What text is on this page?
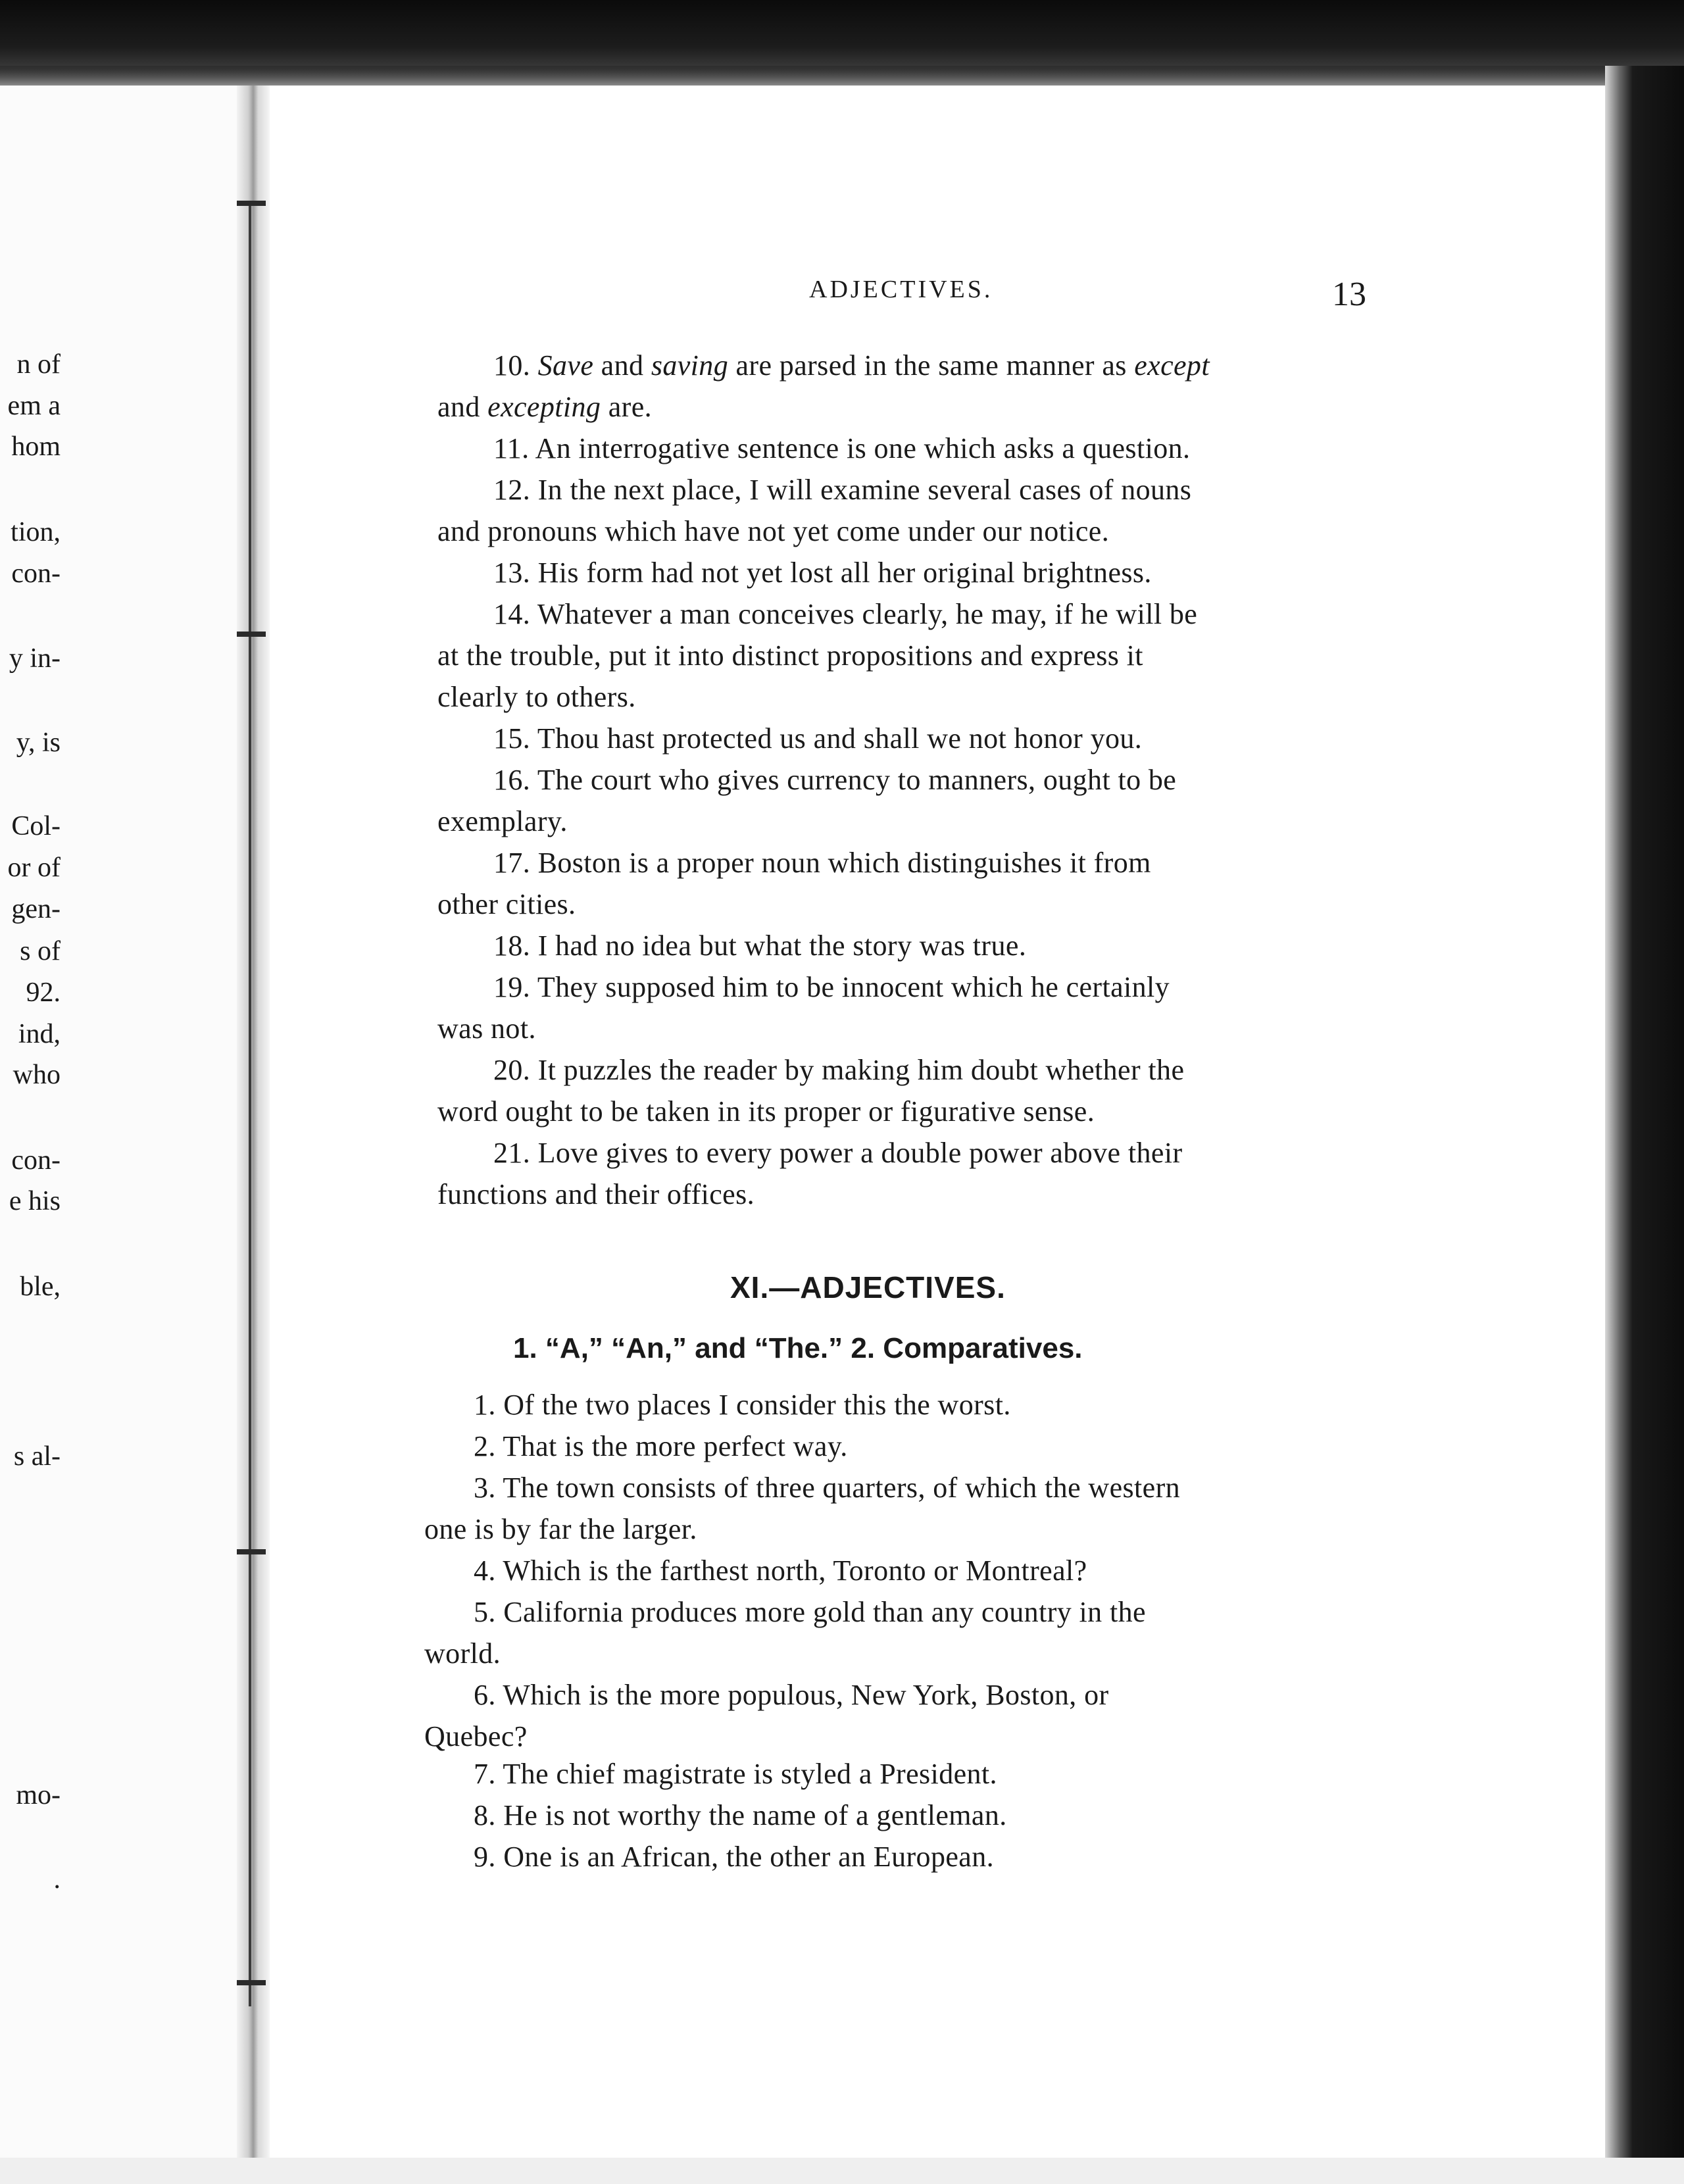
n of
em a
hom
tion,
con-
y in-
y, is
Col-
or of
gen-
s of
92.
ind,
who
con-
e his
ble,
s al-
mo-
.
ADJECTIVES.	13
10. Save and saving are parsed in the same manner as except
and excepting are.
11. An interrogative sentence is one which asks a question.
12. In the next place, I will examine several cases of nouns
and pronouns which have not yet come under our notice.
13. His form had not yet lost all her original brightness.
14. Whatever a man conceives clearly, he may, if he will be
at the trouble, put it into distinct propositions and express it
clearly to others.
15. Thou hast protected us and shall we not honor you.
16. The court who gives currency to manners, ought to be
exemplary.
17. Boston is a proper noun which distinguishes it from
other cities.
18. I had no idea but what the story was true.
19. They supposed him to be innocent which he certainly
was not.
20. It puzzles the reader by making him doubt whether the
word ought to be taken in its proper or figurative sense.
21. Love gives to every power a double power above their
functions and their offices.
XI.—ADJECTIVES.
1. “A,” “An,” and “The.” 2. Comparatives.
1. Of the two places I consider this the worst.
2. That is the more perfect way.
3. The town consists of three quarters, of which the western
one is by far the larger.
4. Which is the farthest north, Toronto or Montreal?
5. California produces more gold than any country in the
world.
6. Which is the more populous, New York, Boston, or
Quebec?
7. The chief magistrate is styled a President.
8. He is not worthy the name of a gentleman.
9. One is an African, the other an European.
